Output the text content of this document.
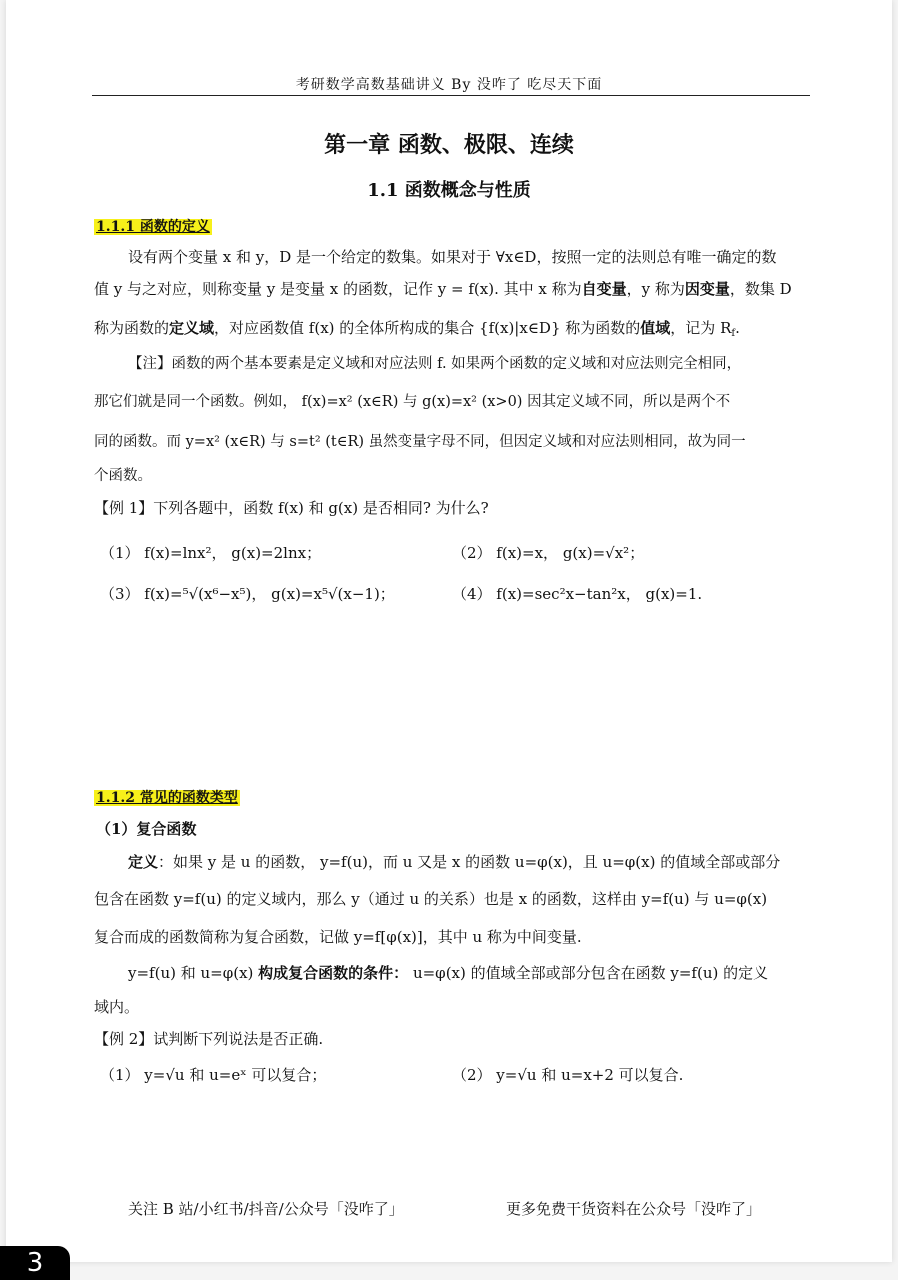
考研数学高数基础讲义 By 没咋了 吃尽天下面
第一章 函数、极限、连续
1.1 函数概念与性质
1.1.1 函数的定义
设有两个变量 x 和 y，D 是一个给定的数集。如果对于 ∀x∈D，按照一定的法则总有唯一确定的数
值 y 与之对应，则称变量 y 是变量 x 的函数，记作 y = f(x). 其中 x 称为自变量，y 称为因变量，数集 D
称为函数的定义域，对应函数值 f(x) 的全体所构成的集合 {f(x)|x∈D} 称为函数的值域，记为 $R_f$.
【注】函数的两个基本要素是定义域和对应法则 f. 如果两个函数的定义域和对应法则完全相同，
那它们就是同一个函数。例如， f(x)=x² (x∈R) 与 g(x)=x² (x>0) 因其定义域不同，所以是两个不
同的函数。而 y=x² (x∈R) 与 s=t² (t∈R) 虽然变量字母不同，但因定义域和对应法则相同，故为同一
个函数。
【例 1】下列各题中，函数 f(x) 和 g(x) 是否相同? 为什么?
（1） f(x)=lnx²， g(x)=2lnx；	（2） f(x)=x， g(x)=√x²；
（3） f(x)=⁵√(x⁶−x⁵)， g(x)=x⁵√(x−1)；	（4） f(x)=sec²x−tan²x， g(x)=1.
1.1.2 常见的函数类型
（1）复合函数
定义：如果 y 是 u 的函数， y=f(u)，而 u 又是 x 的函数 u=φ(x)，且 u=φ(x) 的值域全部或部分
包含在函数 y=f(u) 的定义域内，那么 y（通过 u 的关系）也是 x 的函数，这样由 y=f(u) 与 u=φ(x)
复合而成的函数简称为复合函数，记做 y=f[φ(x)]，其中 u 称为中间变量.
y=f(u) 和 u=φ(x) 构成复合函数的条件： u=φ(x) 的值域全部或部分包含在函数 y=f(u) 的定义
域内。
【例 2】试判断下列说法是否正确.
（1） y=√u 和 u=eˣ 可以复合；	（2） y=√u 和 u=x+2 可以复合.
关注 B 站/小红书/抖音/公众号「没咋了」	更多免费干货资料在公众号「没咋了」
3
